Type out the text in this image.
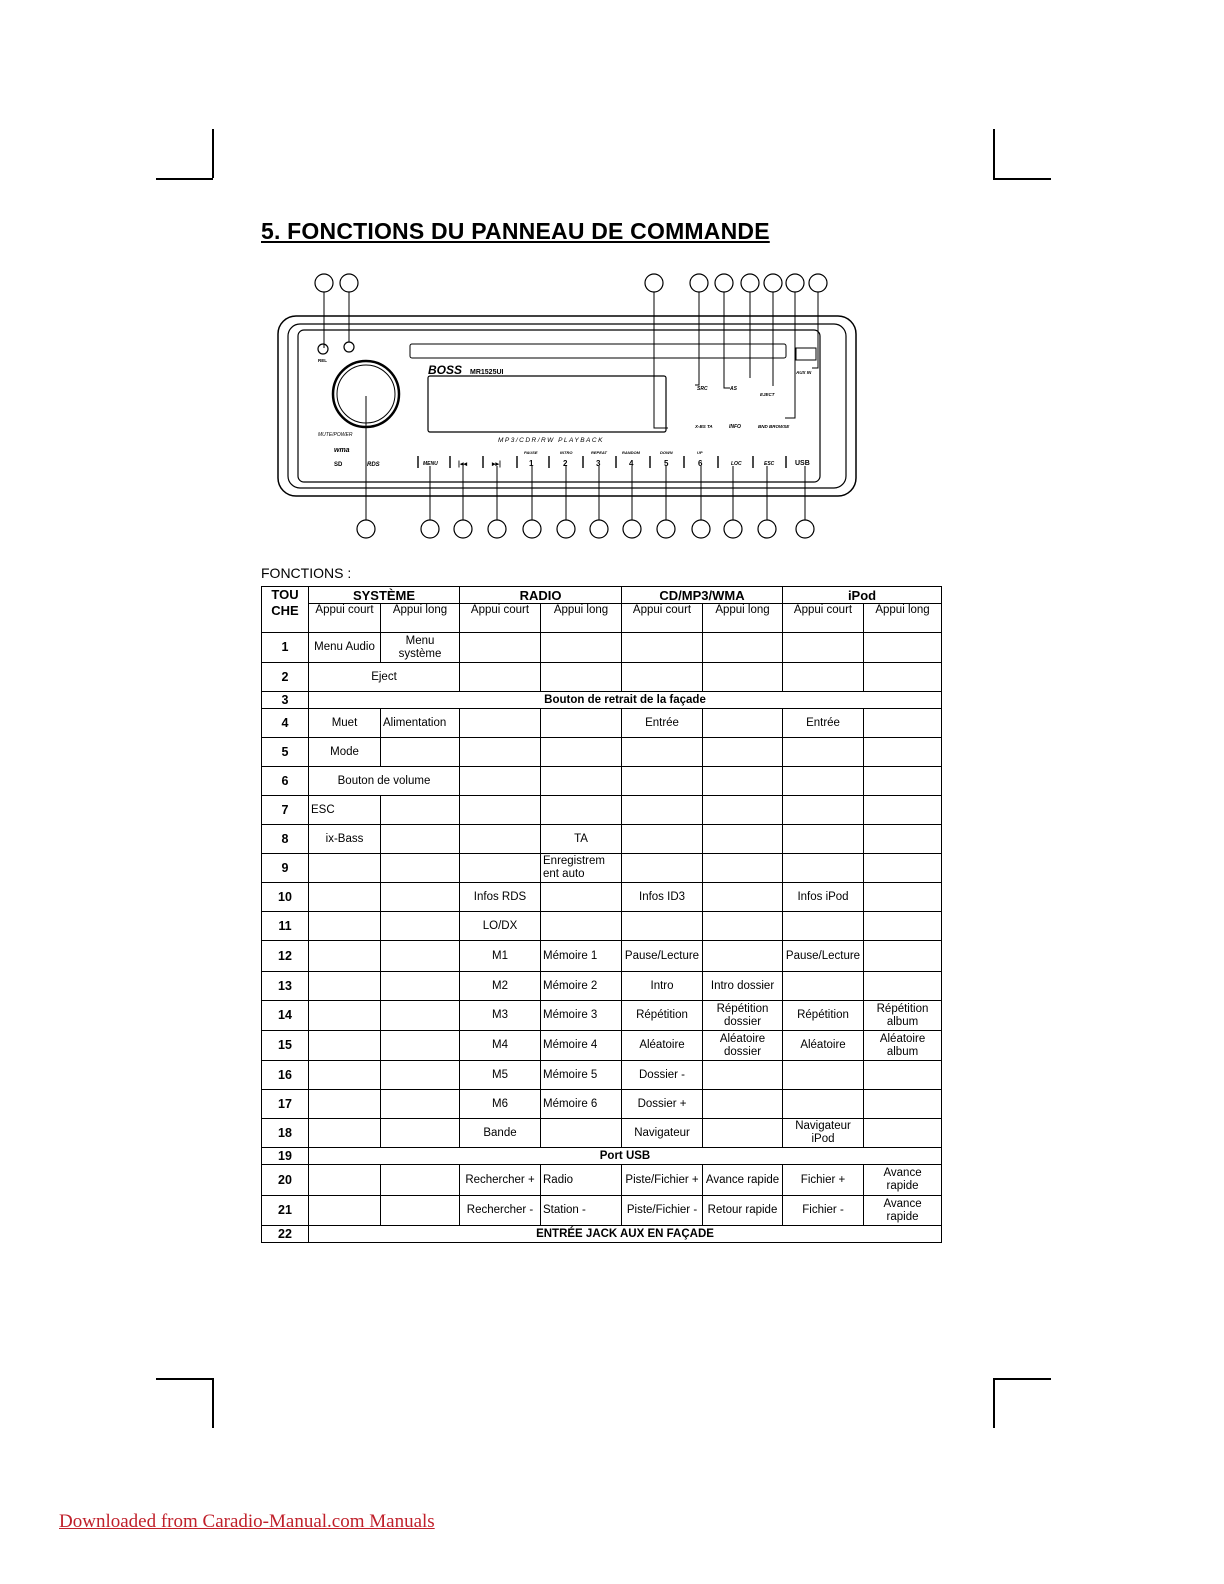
5. FONCTIONS DU PANNEAU DE COMMANDE
BOSS MR1525UI
MP3/CDR/RW PLAYBACK
REL
MUTE/POWER
wma
SD	RDS
SRC	AS
EJECT
X-BS TA	INFO	BND BROWSE
AUX IN
MENU	|◂◂	▸▸|
PAUSE	INTRO	REPEAT	RANDOM	DOWN	UP
1	2	3	4	5	6	LOC	ESC	USB
FONCTIONS :
TOU CHE	SYSTÈME		RADIO		CD/MP3/WMA		iPod	
	Appui court	Appui long	Appui court	Appui long	Appui court	Appui long	Appui court	Appui long
1	Menu Audio	Menu système						
2	Eject							
3	Bouton de retrait de la façade							
4	Muet	Alimentation			Entrée		Entrée	
5	Mode							
6	Bouton de volume							
7	ESC							
8	ix-Bass			TA				
9				Enregistrem ent auto				
10			Infos RDS		Infos ID3		Infos iPod	
11			LO/DX					
12			M1	Mémoire 1	Pause/Lecture		Pause/Lecture	
13			M2	Mémoire 2	Intro	Intro dossier		
14			M3	Mémoire 3	Répétition	Répétition dossier	Répétition	Répétition album
15			M4	Mémoire 4	Aléatoire	Aléatoire dossier	Aléatoire	Aléatoire album
16			M5	Mémoire 5	Dossier -			
17			M6	Mémoire 6	Dossier +			
18			Bande		Navigateur		Navigateur iPod	
19	Port USB							
20			Rechercher +	Radio	Piste/Fichier +	Avance rapide	Fichier +	Avance rapide
21			Rechercher -	Station -	Piste/Fichier -	Retour rapide	Fichier -	Avance rapide
22	ENTRÉE JACK AUX EN FAÇADE							
Downloaded from Caradio-Manual.com Manuals
